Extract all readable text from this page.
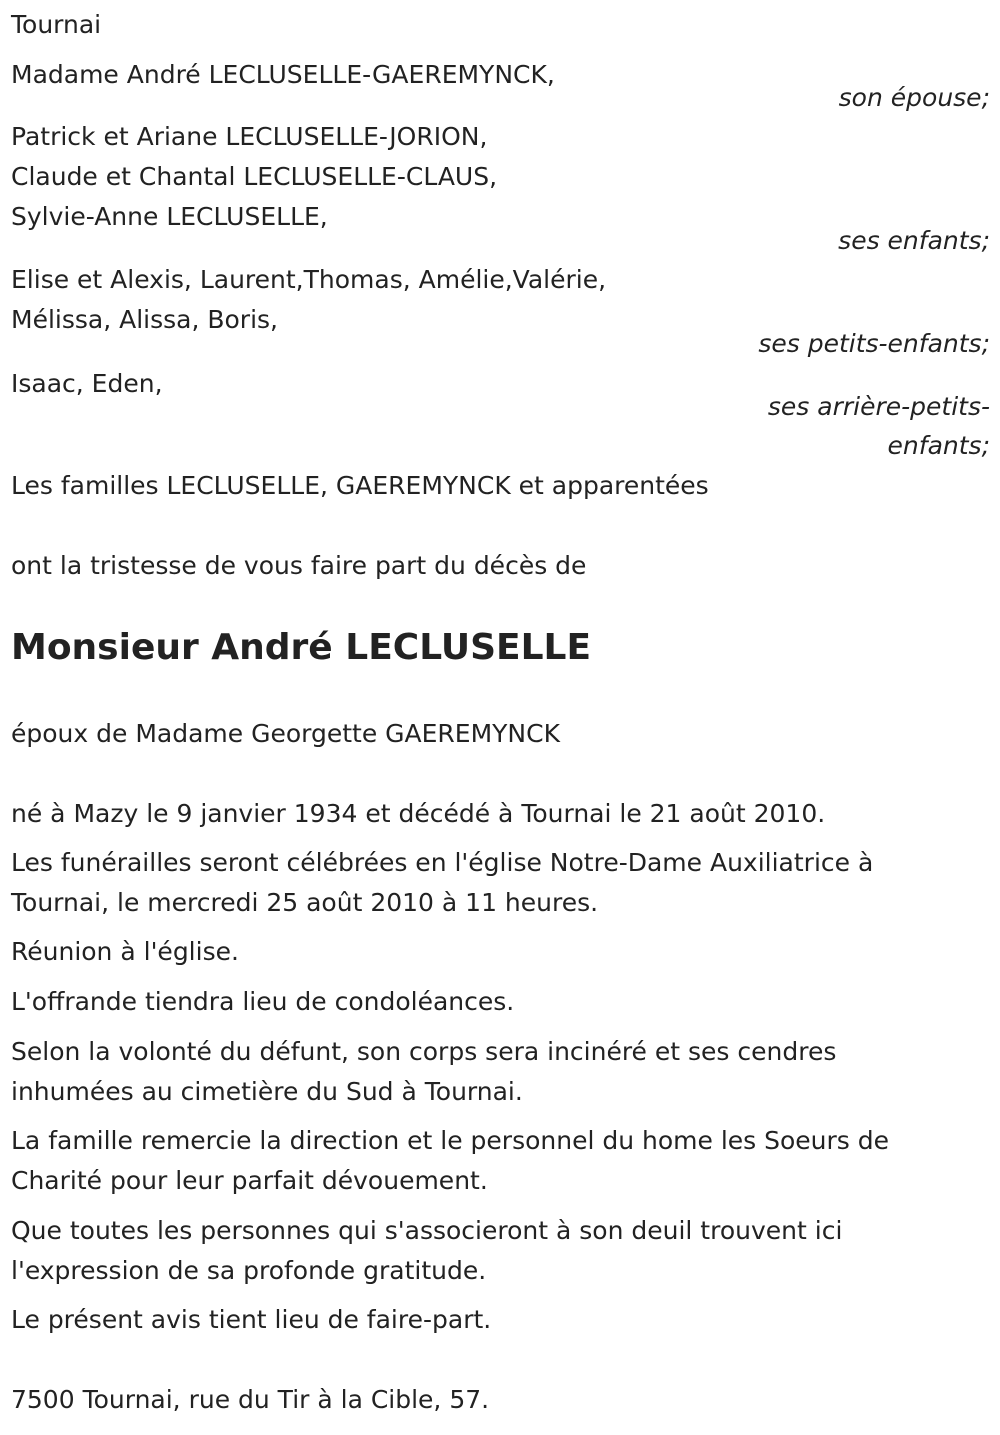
Tournai

Madame André LECLUSELLE-GAEREMYNCK,

son épouse;

Patrick et Ariane LECLUSELLE-JORION,

Claude et Chantal LECLUSELLE-CLAUS,

Sylvie-Anne LECLUSELLE,

ses enfants;

Elise et Alexis, Laurent,Thomas, Amélie,Valérie,

Mélissa, Alissa, Boris,

ses petits-enfants;

Isaac, Eden,

ses arrière-petits-

enfants;

Les familles LECLUSELLE, GAEREMYNCK et apparentées

ont la tristesse de vous faire part du décès de

Monsieur André LECLUSELLE

époux de Madame Georgette GAEREMYNCK

né à Mazy le 9 janvier 1934 et décédé à Tournai le 21 août 2010.

Les funérailles seront célébrées en l'église Notre-Dame Auxiliatrice à

Tournai, le mercredi 25 août 2010 à 11 heures.

Réunion à l'église.

L'offrande tiendra lieu de condoléances.

Selon la volonté du défunt, son corps sera incinéré et ses cendres

inhumées au cimetière du Sud à Tournai.

La famille remercie la direction et le personnel du home les Soeurs de

Charité pour leur parfait dévouement.

Que toutes les personnes qui s'associeront à son deuil trouvent ici

l'expression de sa profonde gratitude.

Le présent avis tient lieu de faire-part.

7500 Tournai, rue du Tir à la Cible, 57.
